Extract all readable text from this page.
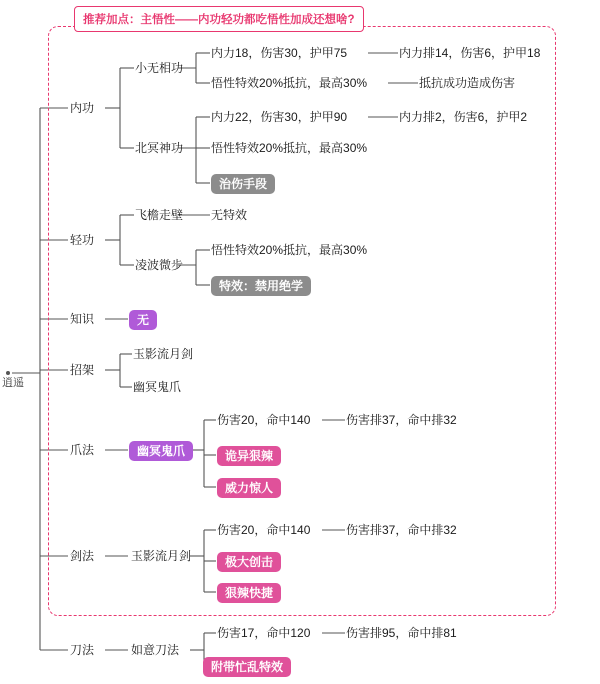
推荐加点：主悟性——内功轻功都吃悟性加成还想啥?
逍遥
内功
轻功
知识
招架
爪法
剑法
刀法
小无相功
内力18，伤害30，护甲75	内力排14，伤害6，护甲18
悟性特效20%抵抗，最高30%	抵抗成功造成伤害
北冥神功
内力22，伤害30，护甲90	内力排2，伤害6，护甲2
悟性特效20%抵抗，最高30%
治伤手段
飞檐走壁 无特效
凌波微步
悟性特效20%抵抗，最高30%
特效：禁用绝学
无
玉影流月剑
幽冥鬼爪
幽冥鬼爪
伤害20，命中140	伤害排37，命中排32
诡异狠辣
威力惊人
玉影流月剑
伤害20，命中140	伤害排37，命中排32
极大创击
狠辣快捷
如意刀法
伤害17，命中120	伤害排95，命中排81
附带忙乱特效
